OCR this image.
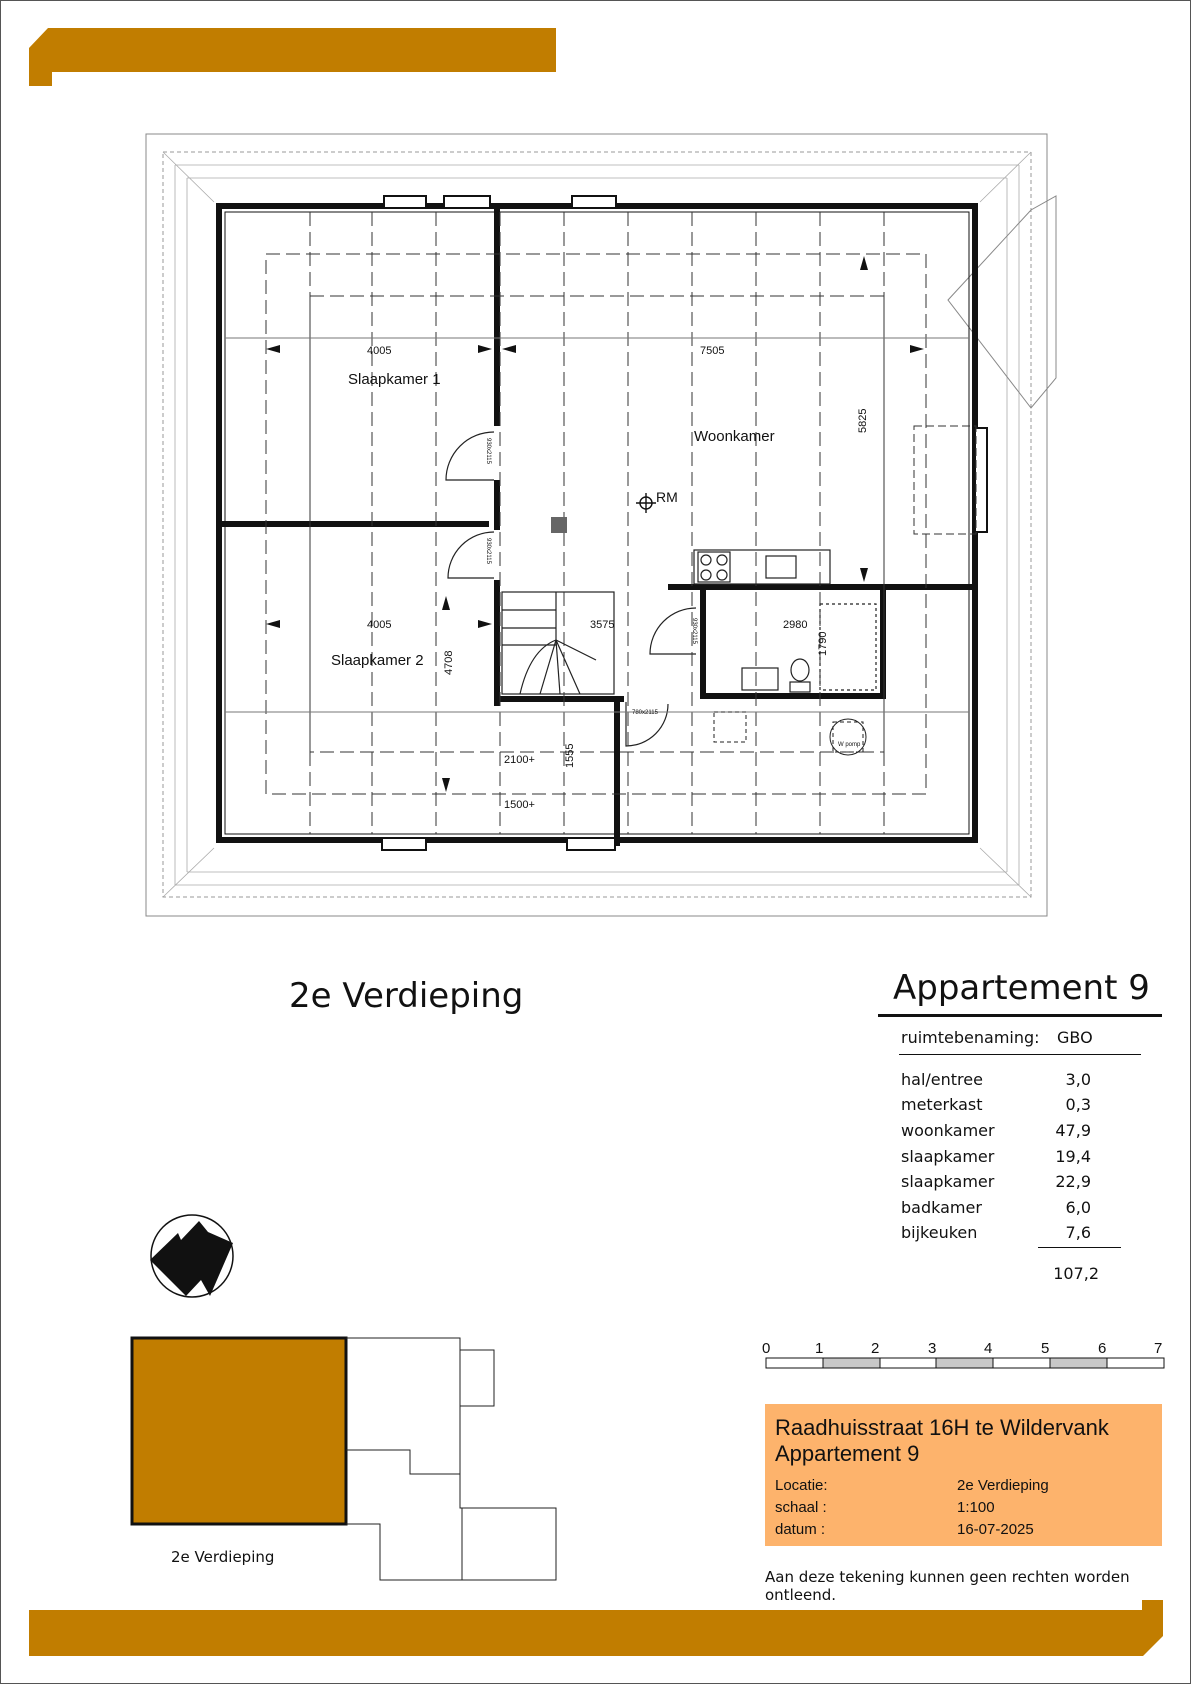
Slaapkamer 1
Woonkamer
Slaapkamer 2
RM
4005	7505
5825
4005
4708
3575	2980
1790
1555
2100+
1500+
930x2115
930x2115
930x2115
780x2115
W pomp
0	1	2	3	4	5	6	7
2e Verdieping	Appartement 9
ruimtebenaming: GBO
hal/entree	3,0
meterkast	0,3
woonkamer	47,9
slaapkamer	19,4
slaapkamer	22,9
badkamer	6,0
bijkeuken	7,6
107,2
2e Verdieping
Raadhuisstraat 16H te Wildervank
Appartement 9
Locatie:	2e Verdieping
schaal :	1:100
datum :	16-07-2025
Aan deze tekening kunnen geen rechten worden ontleend.
